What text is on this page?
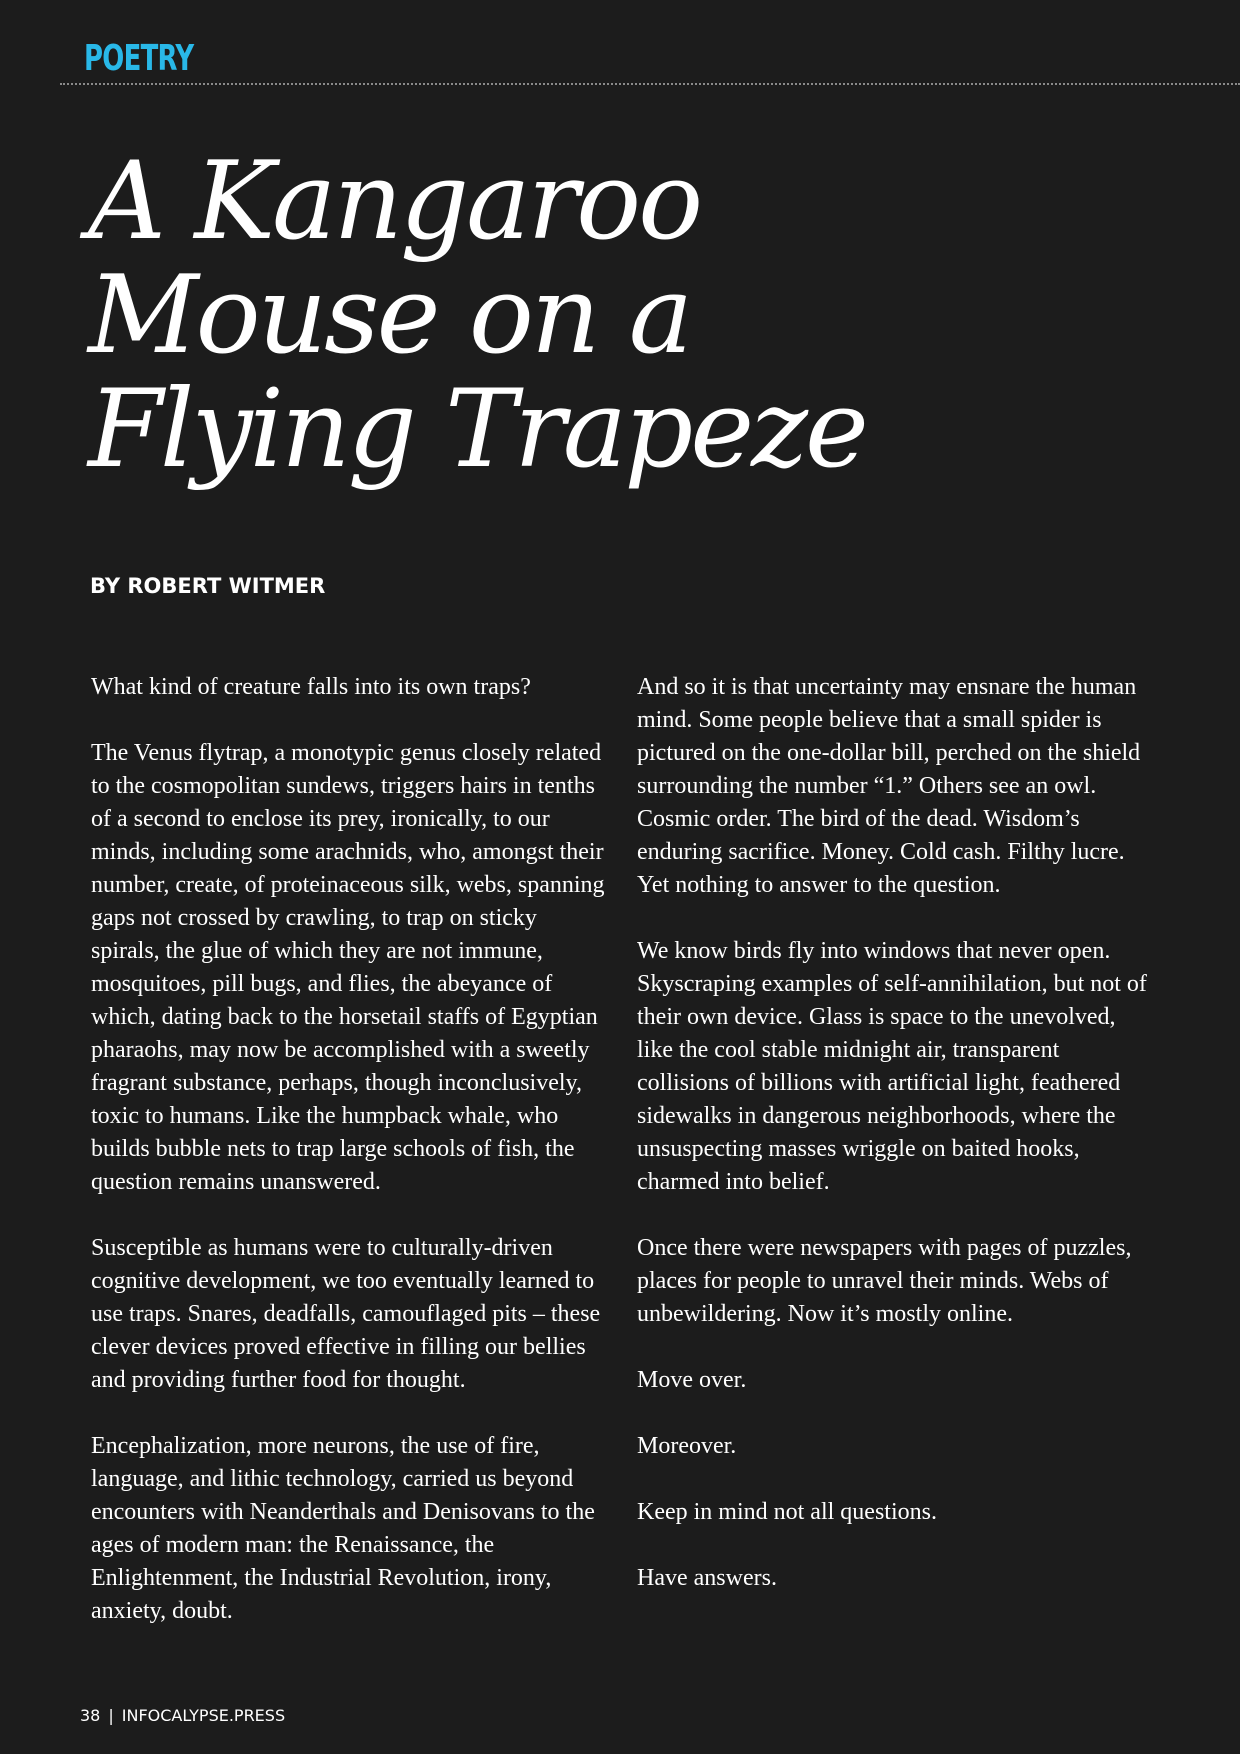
POETRY
A Kangaroo
Mouse on a
Flying Trapeze
BY ROBERT WITMER

What kind of creature falls into its own traps?

The Venus flytrap, a monotypic genus closely related to the cosmopolitan sundews, triggers hairs in tenths of a second to enclose its prey, ironically, to our minds, including some arachnids, who, amongst their number, create, of proteinaceous silk, webs, spanning gaps not crossed by crawling, to trap on sticky spirals, the glue of which they are not immune, mosquitoes, pill bugs, and flies, the abeyance of which, dating back to the horsetail staffs of Egyptian pharaohs, may now be accomplished with a sweetly fragrant substance, perhaps, though inconclusively, toxic to humans. Like the humpback whale, who builds bubble nets to trap large schools of fish, the question remains unanswered.

Susceptible as humans were to culturally-driven cognitive development, we too eventually learned to use traps. Snares, deadfalls, camouflaged pits – these clever devices proved effective in filling our bellies and providing further food for thought.

Encephalization, more neurons, the use of fire, language, and lithic technology, carried us beyond encounters with Neanderthals and Denisovans to the ages of modern man: the Renaissance, the Enlightenment, the Industrial Revolution, irony, anxiety, doubt.

And so it is that uncertainty may ensnare the human mind. Some people believe that a small spider is pictured on the one-dollar bill, perched on the shield surrounding the number “1.” Others see an owl. Cosmic order. The bird of the dead. Wisdom’s enduring sacrifice. Money. Cold cash. Filthy lucre. Yet nothing to answer to the question.

We know birds fly into windows that never open. Skyscraping examples of self-annihilation, but not of their own device. Glass is space to the unevolved, like the cool stable midnight air, transparent collisions of billions with artificial light, feathered sidewalks in dangerous neighborhoods, where the unsuspecting masses wriggle on baited hooks, charmed into belief.

Once there were newspapers with pages of puzzles, places for people to unravel their minds. Webs of unbewildering. Now it’s mostly online.

Move over.

Moreover.

Keep in mind not all questions.

Have answers.

38 | INFOCALYPSE.PRESS
